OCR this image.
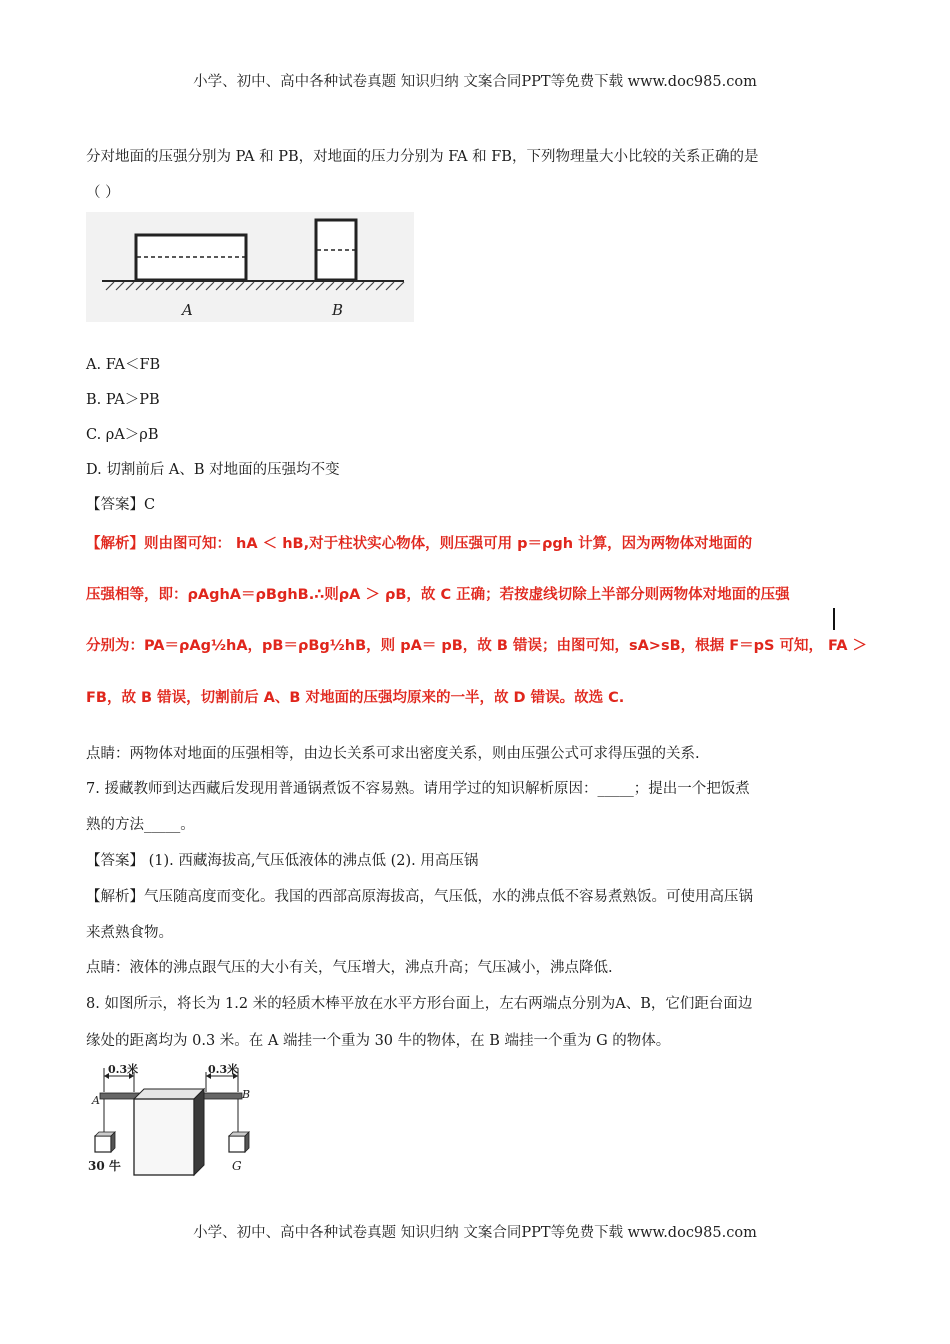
小学、初中、高中各种试卷真题 知识归纳 文案合同PPT等免费下载 www.doc985.com
分对地面的压强分别为 PA 和 PB，对地面的压力分别为 FA 和 FB，下列物理量大小比较的关系正确的是
（ ）
A	B
A. FA＜FB
B. PA＞PB
C. ρA＞ρB
D. 切割前后 A、B 对地面的压强均不变
【答案】C
【解析】则由图可知： hA ＜ hB,对于柱状实心物体，则压强可用 p＝ρgh 计算，因为两物体对地面的
压强相等，即：ρAghA＝ρBghB.∴则ρA ＞ ρB，故 C 正确；若按虚线切除上半部分则两物体对地面的压强
分别为：PA＝ρAg½hA，pB＝ρBg½hB，则 pA＝ pB，故 B 错误；由图可知，sA>sB，根据 F＝pS 可知， FA ＞
FB，故 B 错误，切割前后 A、B 对地面的压强均原来的一半，故 D 错误。故选 C.
点睛：两物体对地面的压强相等，由边长关系可求出密度关系，则由压强公式可求得压强的关系.
7. 援藏教师到达西藏后发现用普通锅煮饭不容易熟。请用学过的知识解析原因：_____；提出一个把饭煮
熟的方法_____。
【答案】 (1). 西藏海拔高,气压低液体的沸点低 (2). 用高压锅
【解析】气压随高度而变化。我国的西部高原海拔高，气压低，水的沸点低不容易煮熟饭。可使用高压锅
来煮熟食物。
点睛：液体的沸点跟气压的大小有关，气压增大，沸点升高；气压减小，沸点降低.
8. 如图所示，将长为 1.2 米的轻质木棒平放在水平方形台面上，左右两端点分别为A、B，它们距台面边
缘处的距离均为 0.3 米。在 A 端挂一个重为 30 牛的物体，在 B 端挂一个重为 G 的物体。
0.3米	0.3米
A	B
30 牛	G
小学、初中、高中各种试卷真题 知识归纳 文案合同PPT等免费下载 www.doc985.com
